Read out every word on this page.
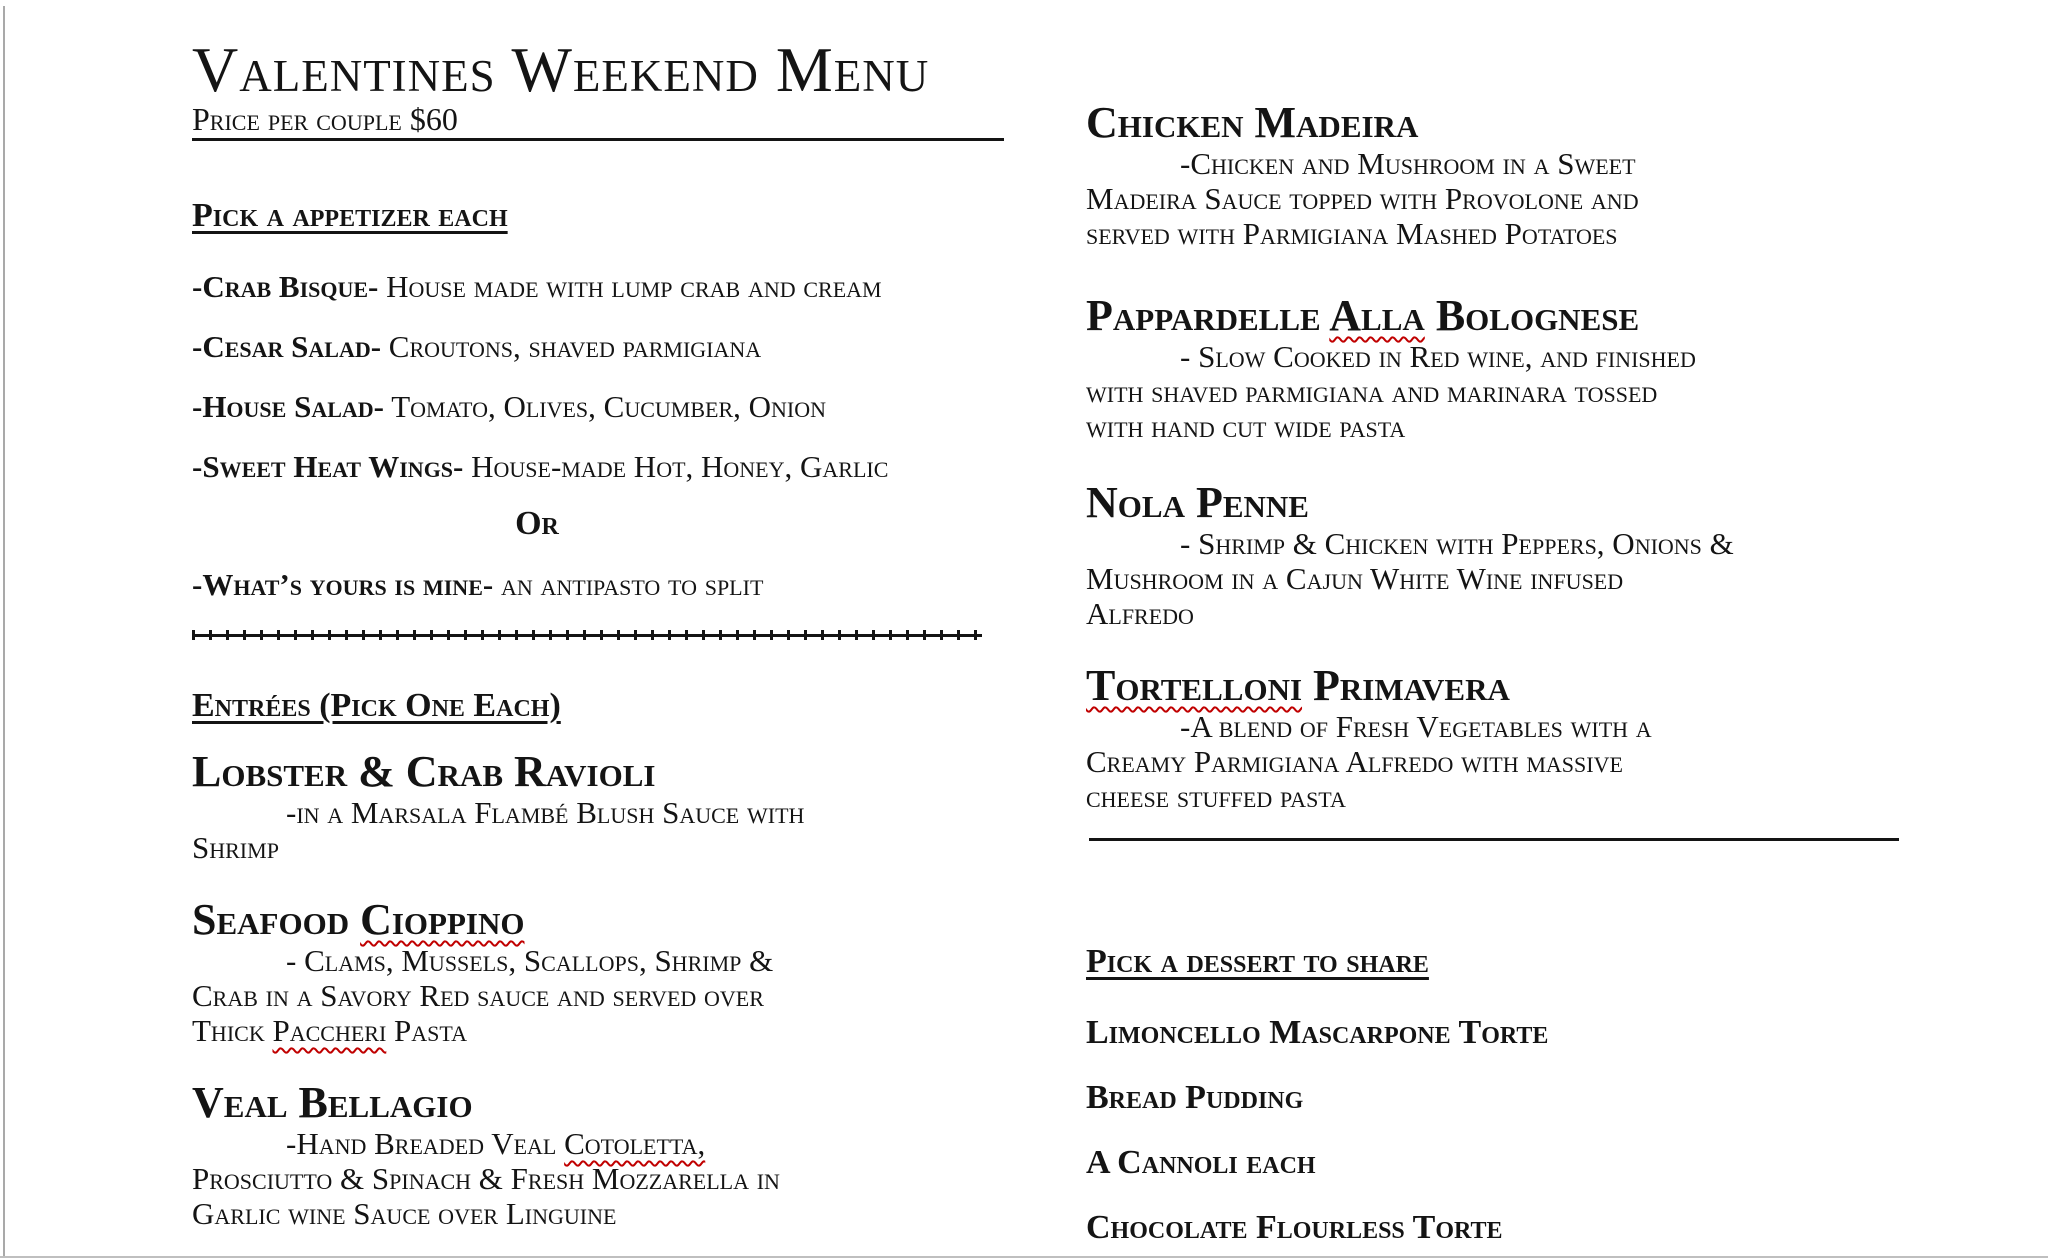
Valentines Weekend Menu
Price per couple $60
Pick a appetizer each
-Crab Bisque- House made with lump crab and cream
-Cesar Salad- Croutons, shaved parmigiana
-House Salad- Tomato, Olives, Cucumber, Onion
-Sweet Heat Wings- House-made Hot, Honey, Garlic
Or
-What’s yours is mine- an antipasto to split
Entrées (Pick One Each)
Lobster & Crab Ravioli
-in a Marsala Flambé Blush Sauce with
Shrimp
Seafood Cioppino
- Clams, Mussels, Scallops, Shrimp &
Crab in a Savory Red sauce and served over
Thick Paccheri Pasta
Veal Bellagio
-Hand Breaded Veal Cotoletta,
Prosciutto & Spinach & Fresh Mozzarella in
Garlic wine Sauce over Linguine
Chicken Madeira
-Chicken and Mushroom in a Sweet
Madeira Sauce topped with Provolone and
served with Parmigiana Mashed Potatoes
Pappardelle Alla Bolognese
- Slow Cooked in Red wine, and finished
with shaved parmigiana and marinara tossed
with hand cut wide pasta
Nola Penne
- Shrimp & Chicken with Peppers, Onions &
Mushroom in a Cajun White Wine infused
Alfredo
Tortelloni Primavera
-A blend of Fresh Vegetables with a
Creamy Parmigiana Alfredo with massive
cheese stuffed pasta
Pick a dessert to share
Limoncello Mascarpone Torte
Bread Pudding
A Cannoli each
Chocolate Flourless Torte
